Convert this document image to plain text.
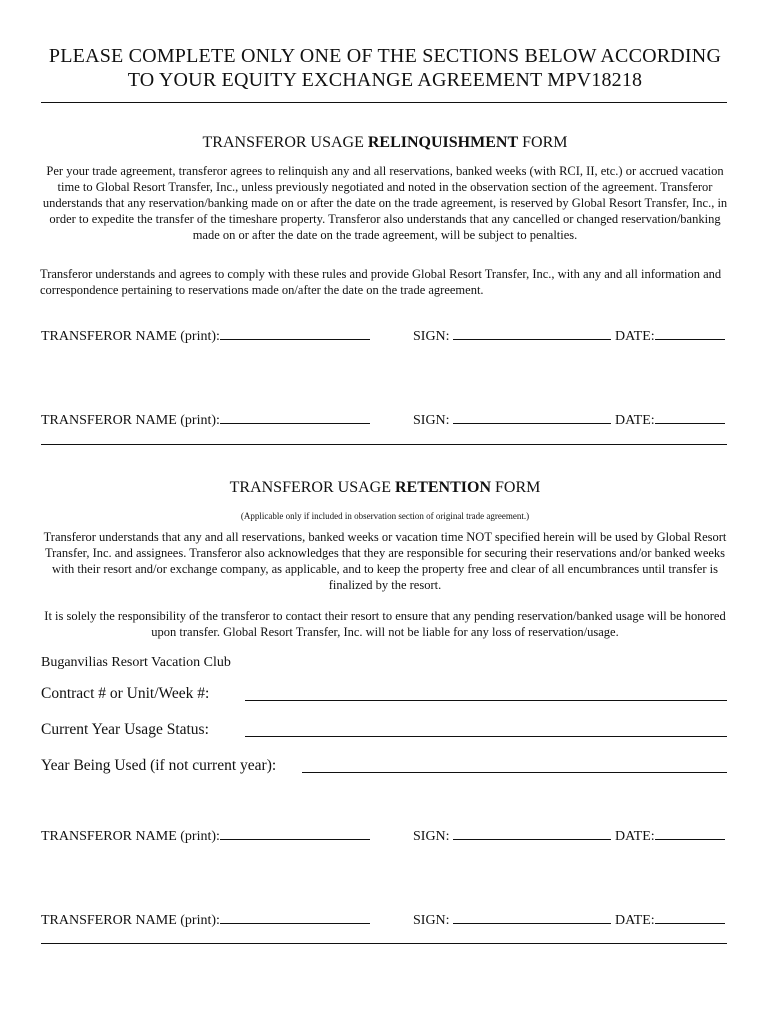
PLEASE COMPLETE ONLY ONE OF THE SECTIONS BELOW ACCORDING
TO YOUR EQUITY EXCHANGE AGREEMENT MPV18218
TRANSFEROR USAGE RELINQUISHMENT FORM
Per your trade agreement, transferor agrees to relinquish any and all reservations, banked weeks (with RCI, II, etc.) or accrued vacation time to Global Resort Transfer, Inc., unless previously negotiated and noted in the observation section of the agreement. Transferor understands that any reservation/banking made on or after the date on the trade agreement, is reserved by Global Resort Transfer, Inc., in order to expedite the transfer of the timeshare property. Transferor also understands that any cancelled or changed reservation/banking made on or after the date on the trade agreement, will be subject to penalties.
Transferor understands and agrees to comply with these rules and provide Global Resort Transfer, Inc., with any and all information and correspondence pertaining to reservations made on/after the date on the trade agreement.
TRANSFEROR NAME (print):	SIGN:	DATE:
TRANSFEROR NAME (print):	SIGN:	DATE:
TRANSFEROR USAGE RETENTION FORM
(Applicable only if included in observation section of original trade agreement.)
Transferor understands that any and all reservations, banked weeks or vacation time NOT specified herein will be used by Global Resort Transfer, Inc. and assignees. Transferor also acknowledges that they are responsible for securing their reservations and/or banked weeks with their resort and/or exchange company, as applicable, and to keep the property free and clear of all encumbrances until transfer is finalized by the resort.
It is solely the responsibility of the transferor to contact their resort to ensure that any pending reservation/banked usage will be honored upon transfer. Global Resort Transfer, Inc. will not be liable for any loss of reservation/usage.
Buganvilias Resort Vacation Club
Contract # or Unit/Week #:
Current Year Usage Status:
Year Being Used (if not current year):
TRANSFEROR NAME (print):	SIGN:	DATE:
TRANSFEROR NAME (print):	SIGN:	DATE:
